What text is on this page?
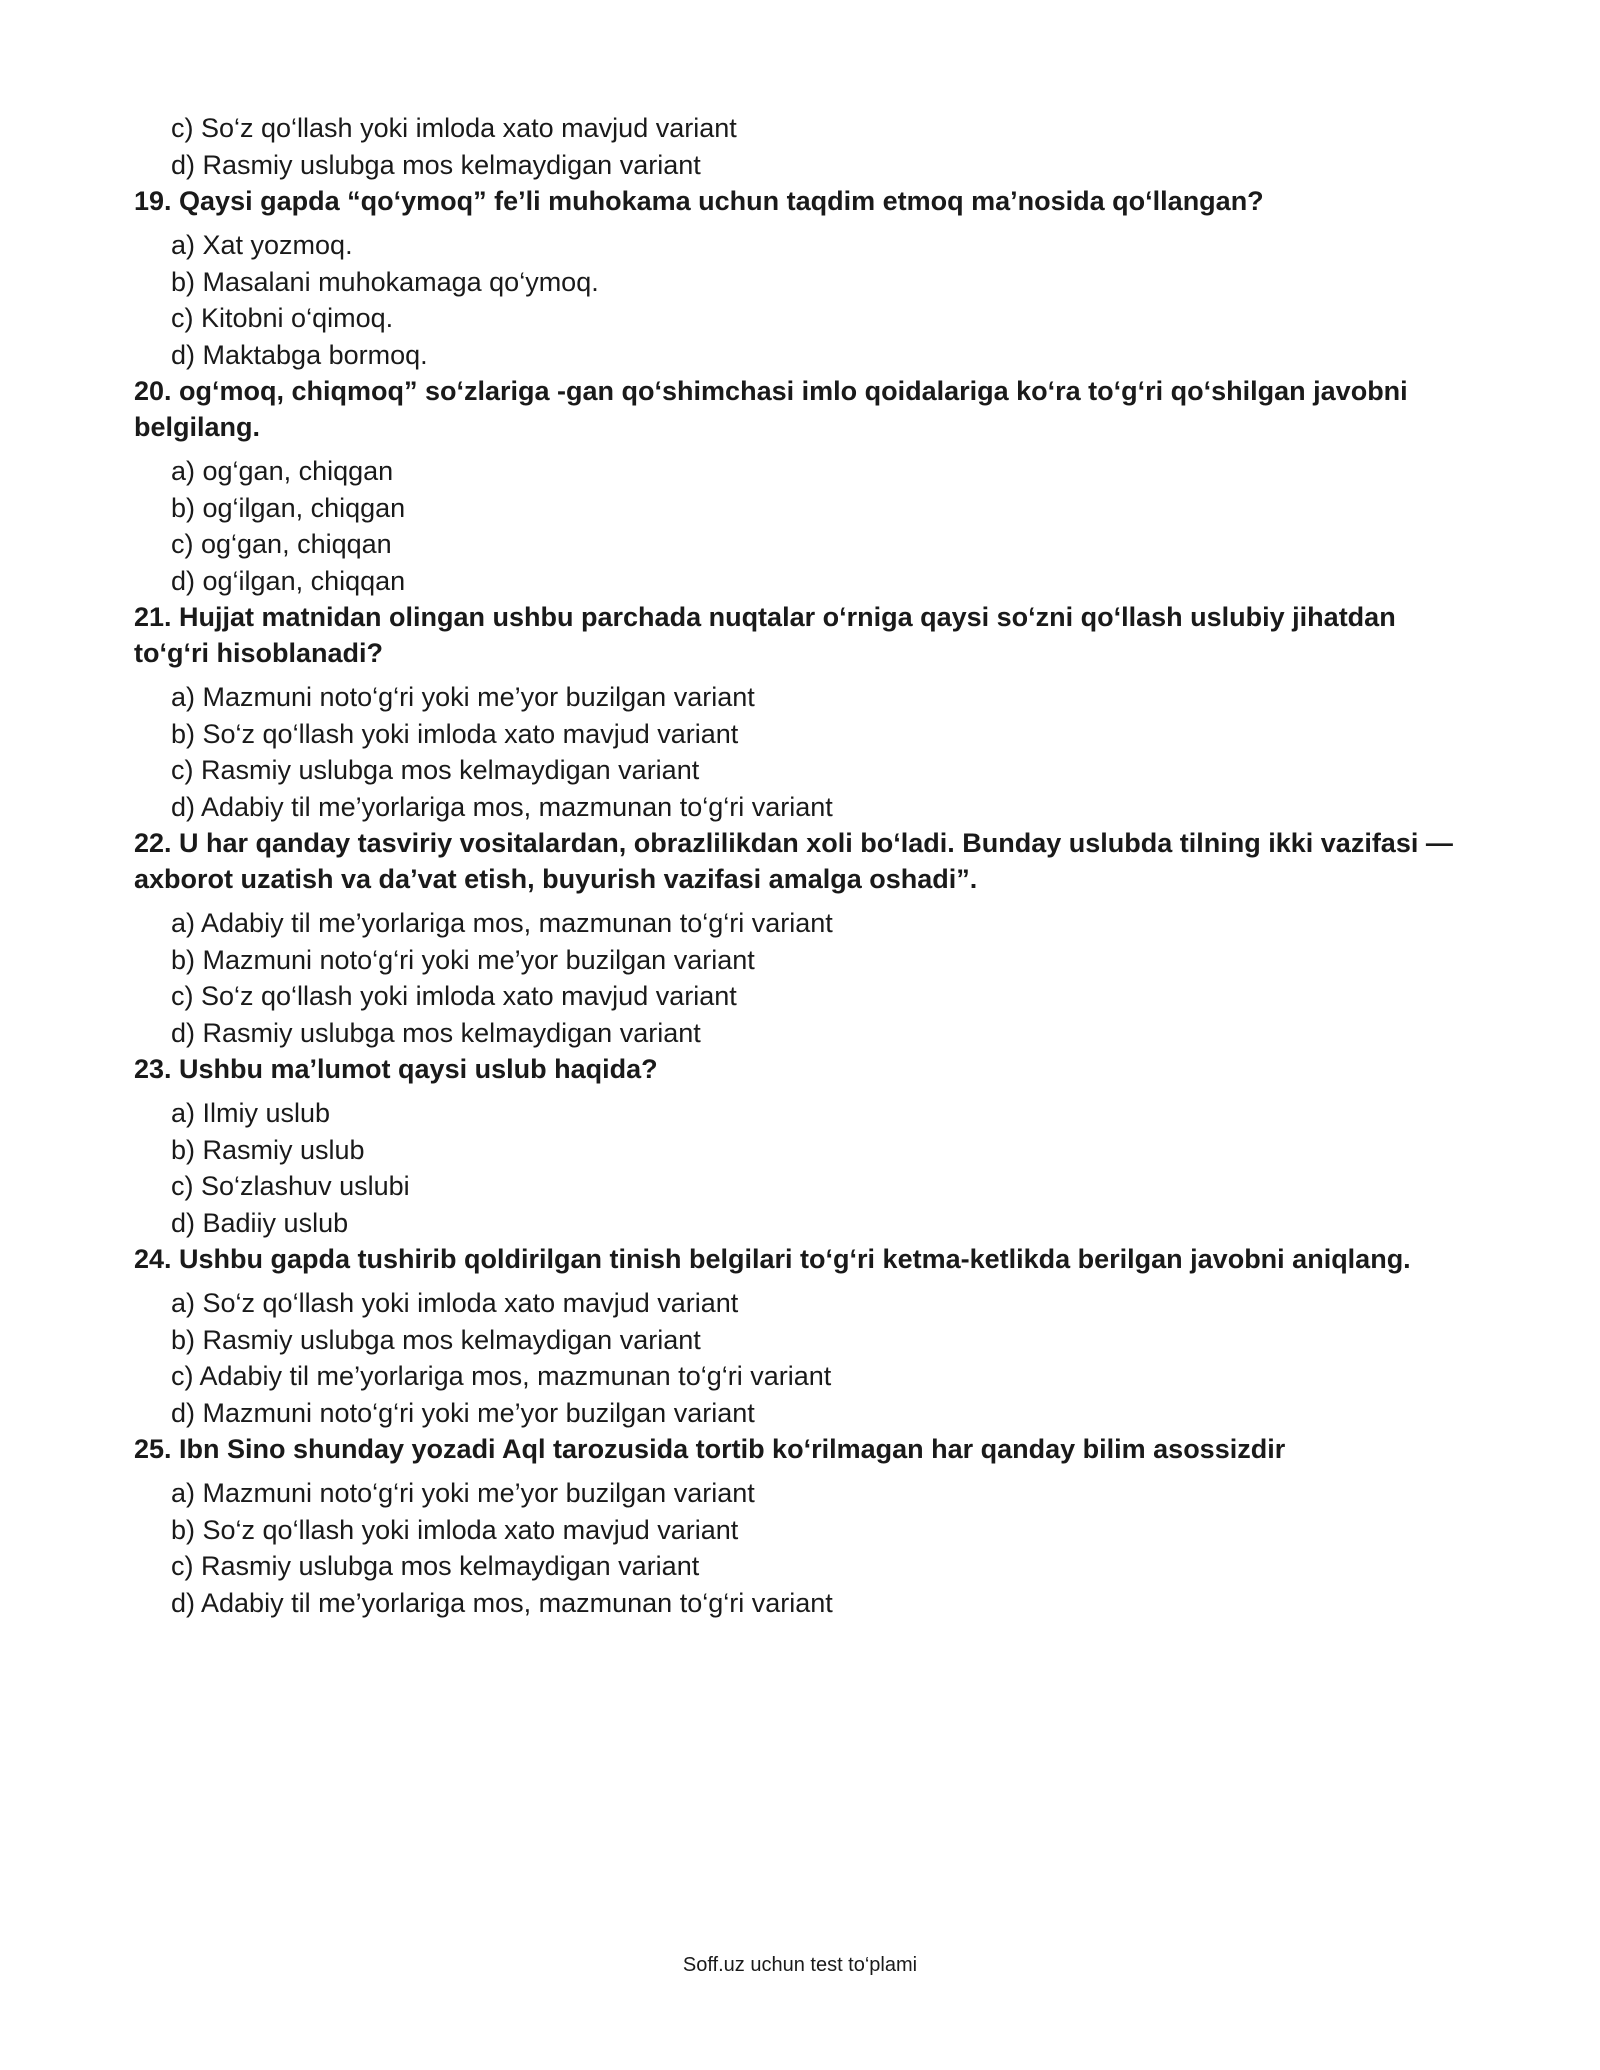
c) So‘z qo‘llash yoki imloda xato mavjud variant
d) Rasmiy uslubga mos kelmaydigan variant
19. Qaysi gapda “qo‘ymoq” fe’li muhokama uchun taqdim etmoq ma’nosida qo‘llangan?
a) Xat yozmoq.
b) Masalani muhokamaga qo‘ymoq.
c) Kitobni o‘qimoq.
d) Maktabga bormoq.
20. og‘moq, chiqmoq” so‘zlariga -gan qo‘shimchasi imlo qoidalariga ko‘ra to‘g‘ri qo‘shilgan javobni belgilang.
a) og‘gan, chiqgan
b) og‘ilgan, chiqgan
c) og‘gan, chiqqan
d) og‘ilgan, chiqqan
21. Hujjat matnidan olingan ushbu parchada nuqtalar o‘rniga qaysi so‘zni qo‘llash uslubiy jihatdan to‘g‘ri hisoblanadi?
a) Mazmuni noto‘g‘ri yoki me’yor buzilgan variant
b) So‘z qo‘llash yoki imloda xato mavjud variant
c) Rasmiy uslubga mos kelmaydigan variant
d) Adabiy til me’yorlariga mos, mazmunan to‘g‘ri variant
22. U har qanday tasviriy vositalardan, obrazlilikdan xoli bo‘ladi. Bunday uslubda tilning ikki vazifasi — axborot uzatish va da’vat etish, buyurish vazifasi amalga oshadi”.
a) Adabiy til me’yorlariga mos, mazmunan to‘g‘ri variant
b) Mazmuni noto‘g‘ri yoki me’yor buzilgan variant
c) So‘z qo‘llash yoki imloda xato mavjud variant
d) Rasmiy uslubga mos kelmaydigan variant
23. Ushbu ma’lumot qaysi uslub haqida?
a) Ilmiy uslub
b) Rasmiy uslub
c) So‘zlashuv uslubi
d) Badiiy uslub
24. Ushbu gapda tushirib qoldirilgan tinish belgilari to‘g‘ri ketma-ketlikda berilgan javobni aniqlang.
a) So‘z qo‘llash yoki imloda xato mavjud variant
b) Rasmiy uslubga mos kelmaydigan variant
c) Adabiy til me’yorlariga mos, mazmunan to‘g‘ri variant
d) Mazmuni noto‘g‘ri yoki me’yor buzilgan variant
25. Ibn Sino shunday yozadi Aql tarozusida tortib ko‘rilmagan har qanday bilim asossizdir
a) Mazmuni noto‘g‘ri yoki me’yor buzilgan variant
b) So‘z qo‘llash yoki imloda xato mavjud variant
c) Rasmiy uslubga mos kelmaydigan variant
d) Adabiy til me’yorlariga mos, mazmunan to‘g‘ri variant
Soff.uz uchun test to‘plami
